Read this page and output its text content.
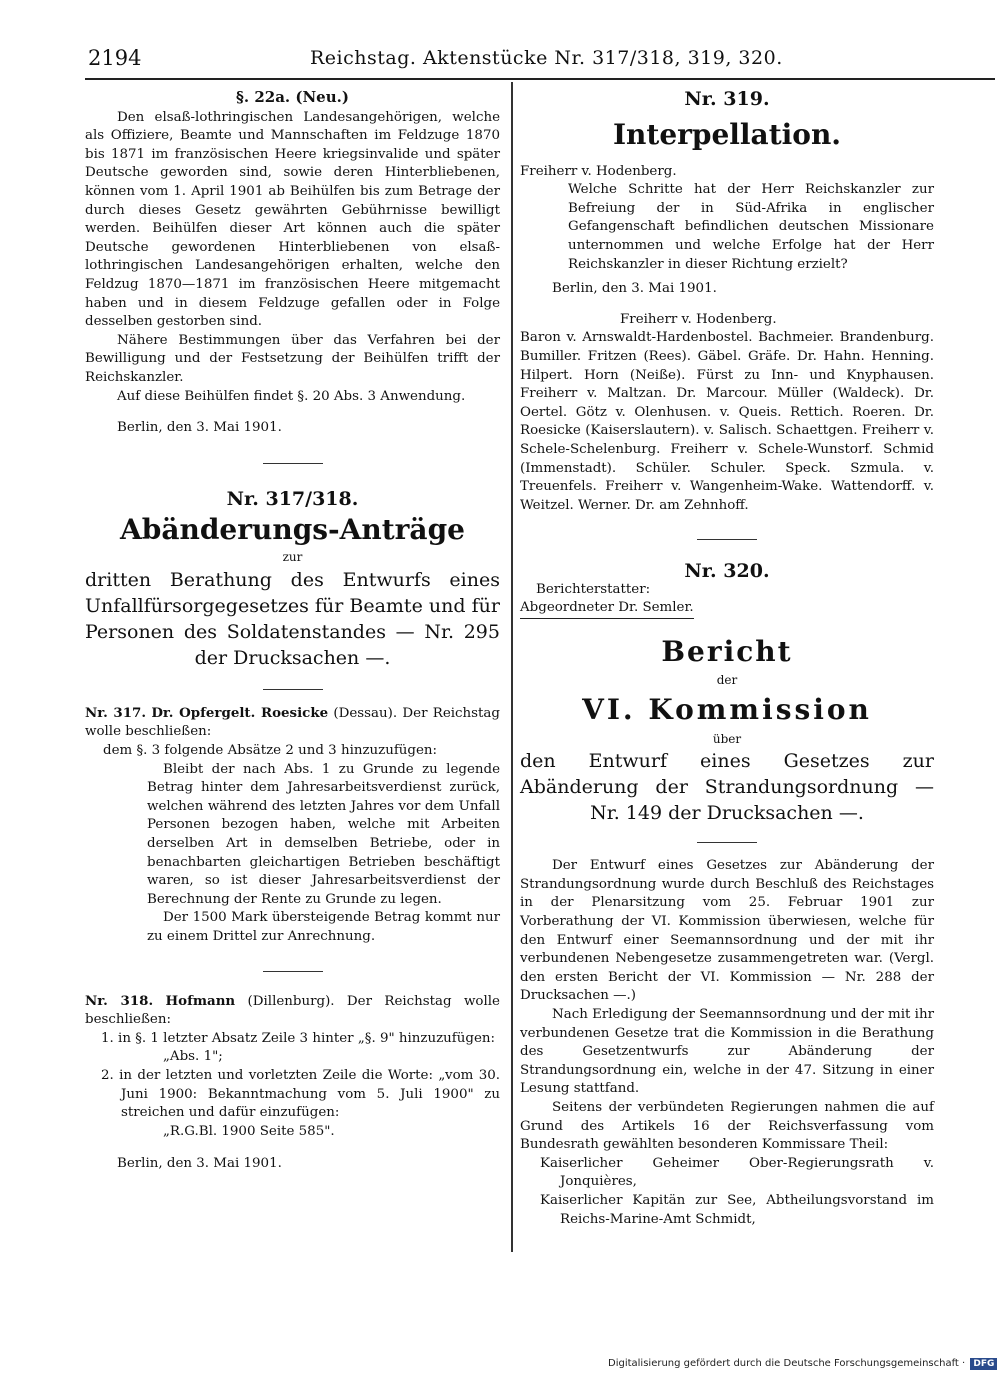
2194	Reichstag. Aktenstücke Nr. 317/318, 319, 320.
§. 22a. (Neu.)

Den elsaß-lothringischen Landesangehörigen, welche als Offiziere, Beamte und Mannschaften im Feldzuge 1870 bis 1871 im französischen Heere kriegsinvalide und später Deutsche geworden sind, sowie deren Hinterbliebenen, können vom 1. April 1901 ab Beihülfen bis zum Betrage der durch dieses Gesetz gewährten Gebührnisse bewilligt werden. Beihülfen dieser Art können auch die später Deutsche gewordenen Hinterbliebenen von elsaß-lothringischen Landesangehörigen erhalten, welche den Feldzug 1870—1871 im französischen Heere mitgemacht haben und in diesem Feldzuge gefallen oder in Folge desselben gestorben sind.

Nähere Bestimmungen über das Verfahren bei der Bewilligung und der Festsetzung der Beihülfen trifft der Reichskanzler.

Auf diese Beihülfen findet §. 20 Abs. 3 Anwendung.

Berlin, den 3. Mai 1901.

Nr. 317/318.
Abänderungs-Anträge
zur
dritten Berathung des Entwurfs eines Unfallfürsorgegesetzes für Beamte und für Personen des Soldatenstandes — Nr. 295 der Drucksachen —.

Nr. 317. Dr. Opfergelt. Roesicke (Dessau). Der Reichstag wolle beschließen:

dem §. 3 folgende Absätze 2 und 3 hinzuzufügen:

Bleibt der nach Abs. 1 zu Grunde zu legende Betrag hinter dem Jahresarbeitsverdienst zurück, welchen während des letzten Jahres vor dem Unfall Personen bezogen haben, welche mit Arbeiten derselben Art in demselben Betriebe, oder in benachbarten gleichartigen Betrieben beschäftigt waren, so ist dieser Jahresarbeitsverdienst der Berechnung der Rente zu Grunde zu legen.

Der 1500 Mark übersteigende Betrag kommt nur zu einem Drittel zur Anrechnung.

Nr. 318. Hofmann (Dillenburg). Der Reichstag wolle beschließen:

1. in §. 1 letzter Absatz Zeile 3 hinter „§. 9" hinzuzufügen:

„Abs. 1";

2. in der letzten und vorletzten Zeile die Worte: „vom 30. Juni 1900: Bekanntmachung vom 5. Juli 1900" zu streichen und dafür einzufügen:

„R.G.Bl. 1900 Seite 585".

Berlin, den 3. Mai 1901.

Nr. 319.
Interpellation.

Freiherr v. Hodenberg.

Welche Schritte hat der Herr Reichskanzler zur Befreiung der in Süd-Afrika in englischer Gefangenschaft befindlichen deutschen Missionare unternommen und welche Erfolge hat der Herr Reichskanzler in dieser Richtung erzielt?

Berlin, den 3. Mai 1901.

Freiherr v. Hodenberg.

Baron v. Arnswaldt-Hardenbostel. Bachmeier. Brandenburg. Bumiller. Fritzen (Rees). Gäbel. Gräfe. Dr. Hahn. Henning. Hilpert. Horn (Neiße). Fürst zu Inn- und Knyphausen. Freiherr v. Maltzan. Dr. Marcour. Müller (Waldeck). Dr. Oertel. Götz v. Olenhusen. v. Queis. Rettich. Roeren. Dr. Roesicke (Kaiserslautern). v. Salisch. Schaettgen. Freiherr v. Schele-Schelenburg. Freiherr v. Schele-Wunstorf. Schmid (Immenstadt). Schüler. Schuler. Speck. Szmula. v. Treuenfels. Freiherr v. Wangenheim-Wake. Wattendorff. v. Weitzel. Werner. Dr. am Zehnhoff.

Nr. 320.

Berichterstatter:

Abgeordneter Dr. Semler.
Bericht
der
VI. Kommission
über
den Entwurf eines Gesetzes zur Abänderung der Strandungsordnung — Nr. 149 der Drucksachen —.

Der Entwurf eines Gesetzes zur Abänderung der Strandungsordnung wurde durch Beschluß des Reichstages in der Plenarsitzung vom 25. Februar 1901 zur Vorberathung der VI. Kommission überwiesen, welche für den Entwurf einer Seemannsordnung und der mit ihr verbundenen Nebengesetze zusammengetreten war. (Vergl. den ersten Bericht der VI. Kommission — Nr. 288 der Drucksachen —.)

Nach Erledigung der Seemannsordnung und der mit ihr verbundenen Gesetze trat die Kommission in die Berathung des Gesetzentwurfs zur Abänderung der Strandungsordnung ein, welche in der 47. Sitzung in einer Lesung stattfand.

Seitens der verbündeten Regierungen nahmen die auf Grund des Artikels 16 der Reichsverfassung vom Bundesrath gewählten besonderen Kommissare Theil:

Kaiserlicher Geheimer Ober-Regierungsrath v. Jonquières,

Kaiserlicher Kapitän zur See, Abtheilungsvorstand im Reichs-Marine-Amt Schmidt,

Digitalisierung gefördert durch die Deutsche Forschungsgemeinschaft · DFG
